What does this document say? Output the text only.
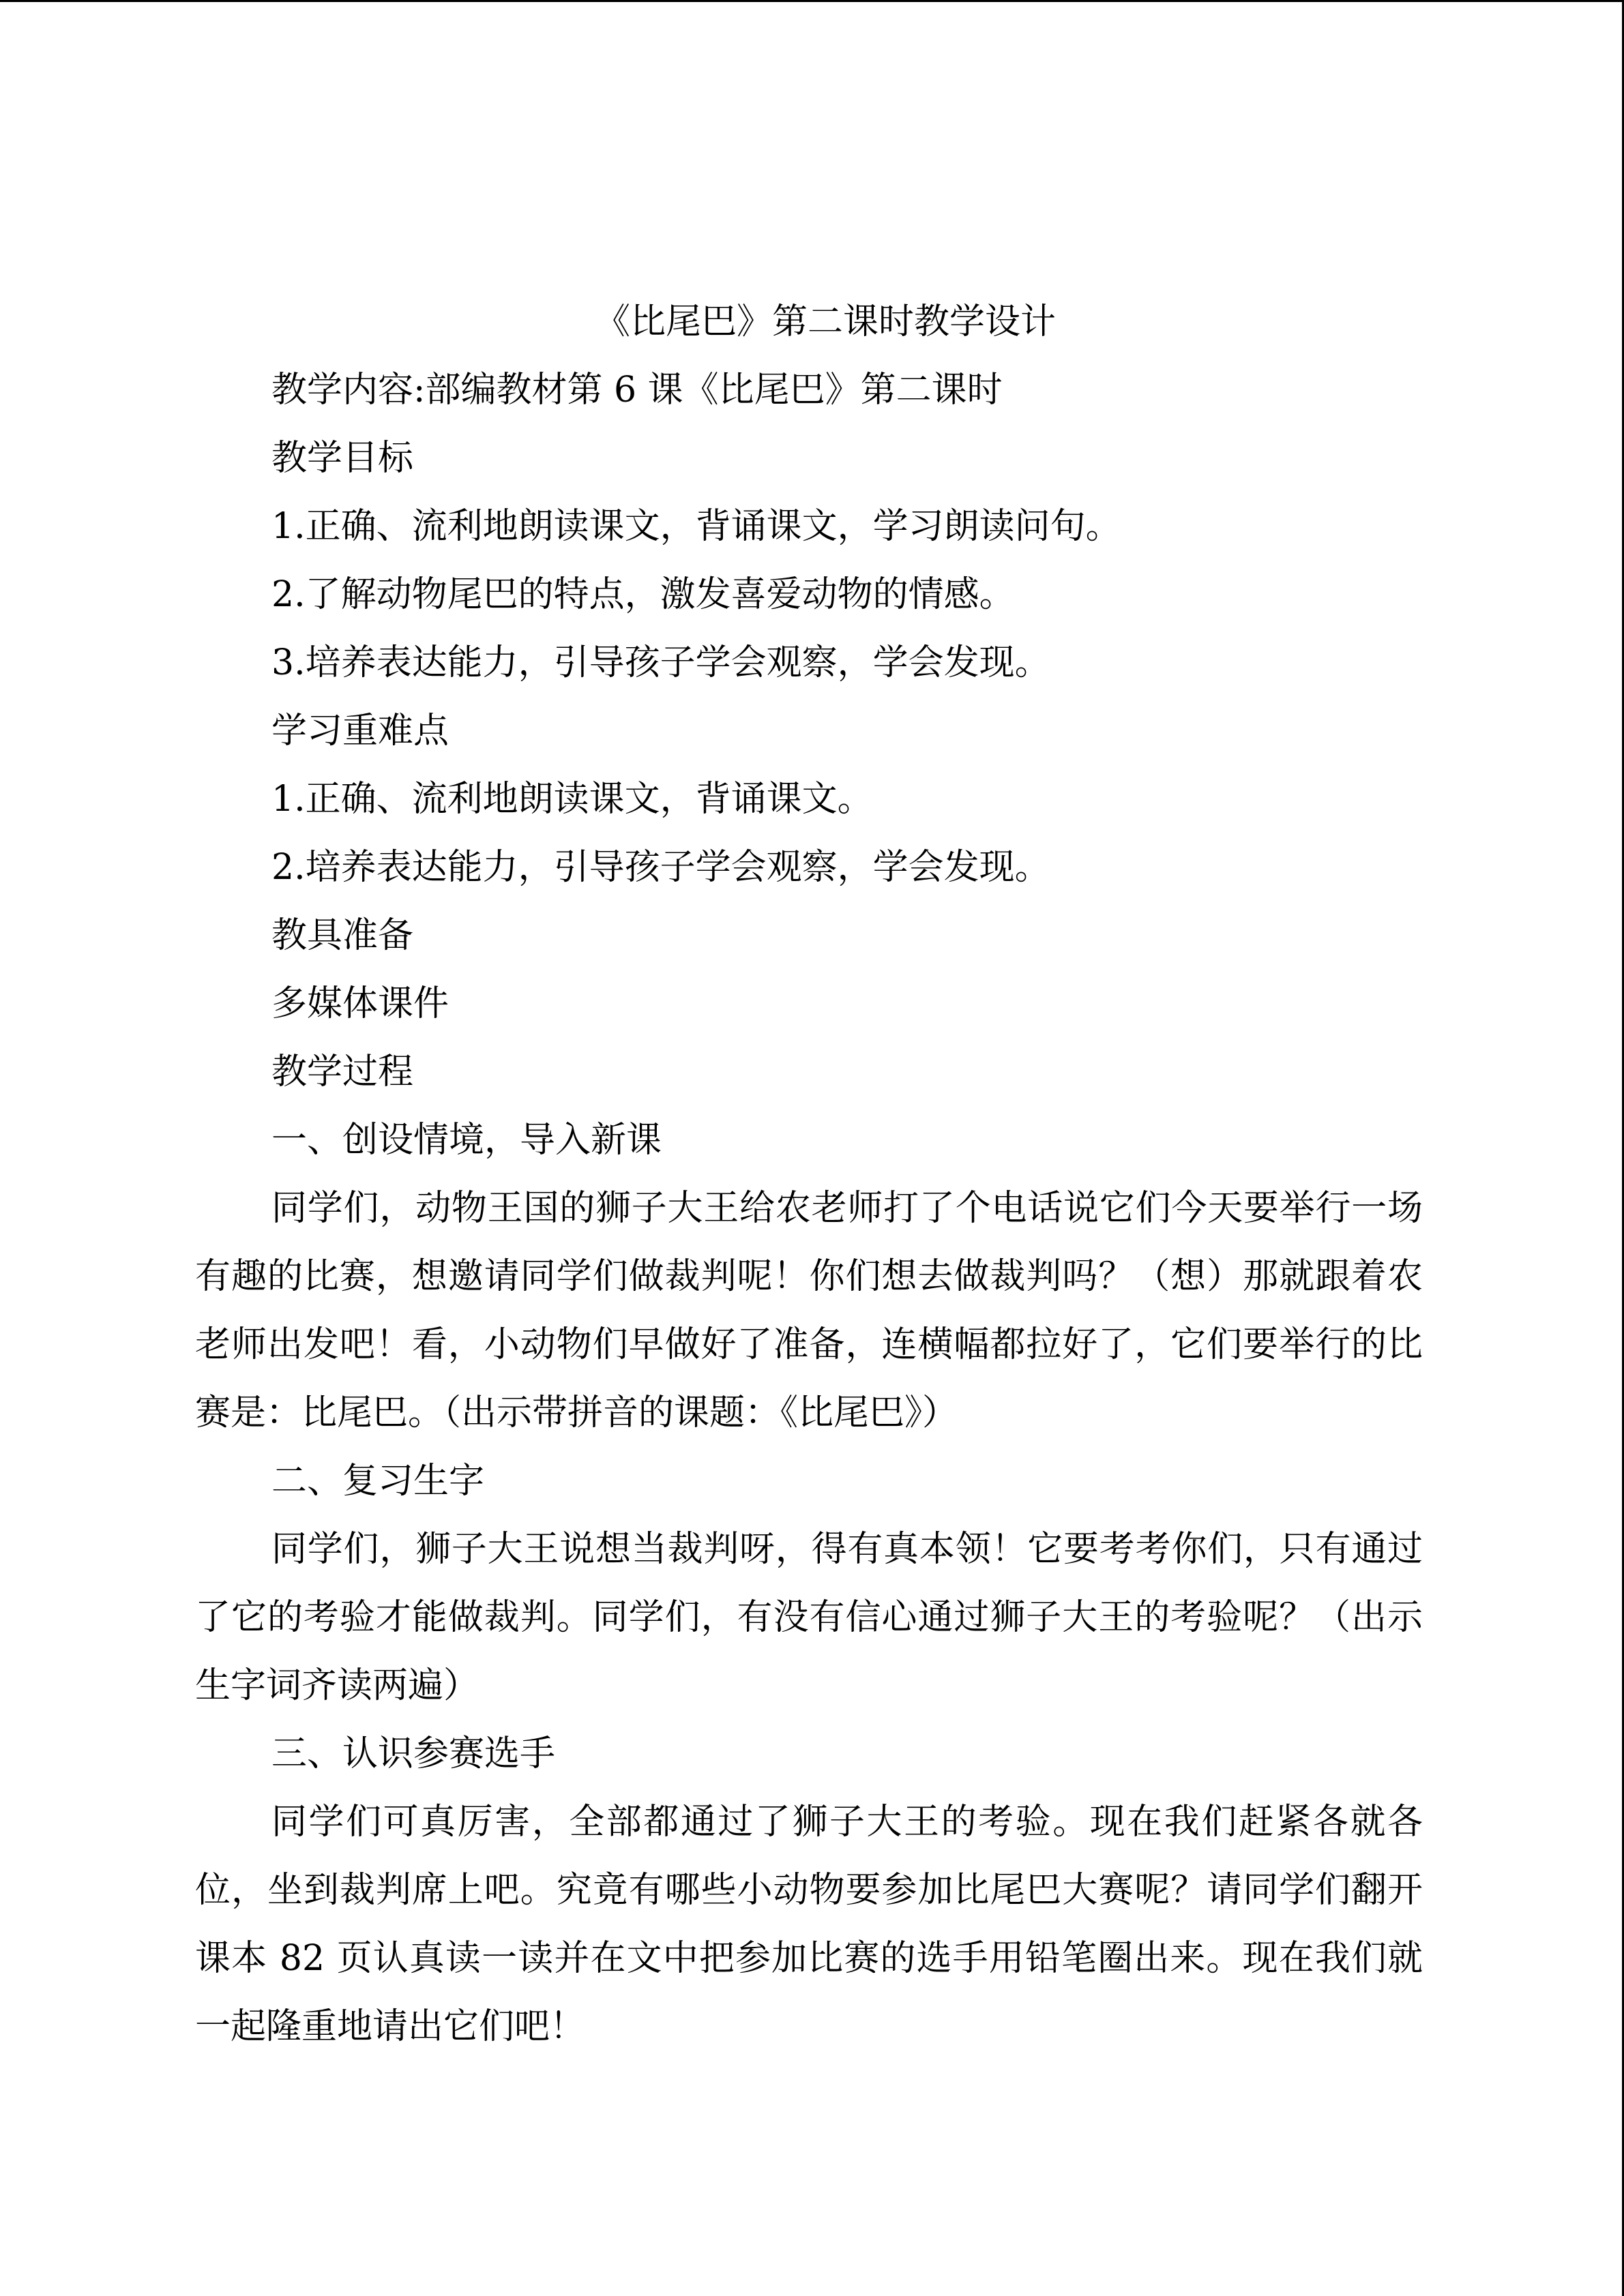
《比尾巴》第二课时教学设计

教学内容:部编教材第 6 课《比尾巴》第二课时

教学目标

1.正确、流利地朗读课文，背诵课文，学习朗读问句。

2.了解动物尾巴的特点，激发喜爱动物的情感。

3.培养表达能力，引导孩子学会观察，学会发现。

学习重难点

1.正确、流利地朗读课文，背诵课文。

2.培养表达能力，引导孩子学会观察，学会发现。

教具准备

多媒体课件

教学过程

一、创设情境，导入新课

同学们，动物王国的狮子大王给农老师打了个电话说它们今天要举行一场有趣的比赛，想邀请同学们做裁判呢！你们想去做裁判吗？（想）那就跟着农老师出发吧！看，小动物们早做好了准备，连横幅都拉好了，它们要举行的比赛是：比尾巴。（出示带拼音的课题：《比尾巴》）

二、复习生字

同学们，狮子大王说想当裁判呀，得有真本领！它要考考你们，只有通过了它的考验才能做裁判。同学们，有没有信心通过狮子大王的考验呢？（出示生字词齐读两遍）

三、认识参赛选手

同学们可真厉害，全部都通过了狮子大王的考验。现在我们赶紧各就各位，坐到裁判席上吧。究竟有哪些小动物要参加比尾巴大赛呢？请同学们翻开课本 82 页认真读一读并在文中把参加比赛的选手用铅笔圈出来。现在我们就一起隆重地请出它们吧！
